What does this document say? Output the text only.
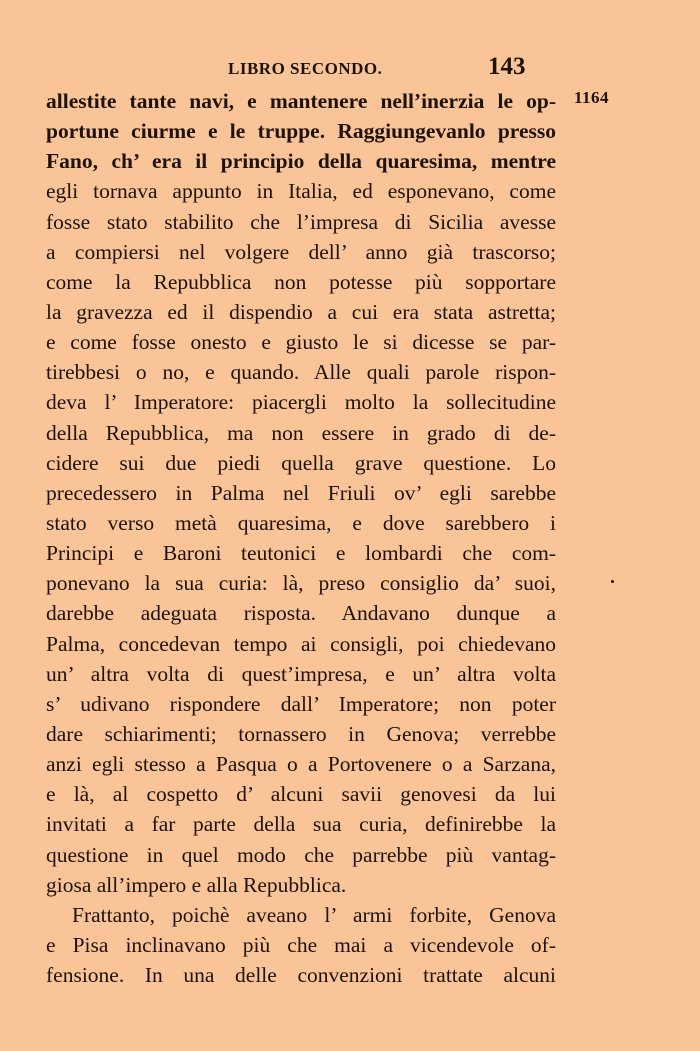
LIBRO SECONDO.	143
1164
allestite tante navi, e mantenere nell’inerzia le op-
portune ciurme e le truppe. Raggiungevanlo presso
Fano, ch’ era il principio della quaresima, mentre
egli tornava appunto in Italia, ed esponevano, come
fosse stato stabilito che l’impresa di Sicilia avesse
a compiersi nel volgere dell’ anno già trascorso;
come la Repubblica non potesse più sopportare
la gravezza ed il dispendio a cui era stata astretta;
e come fosse onesto e giusto le si dicesse se par-
tirebbesi o no, e quando. Alle quali parole rispon-
deva l’ Imperatore: piacergli molto la sollecitudine
della Repubblica, ma non essere in grado di de-
cidere sui due piedi quella grave questione. Lo
precedessero in Palma nel Friuli ov’ egli sarebbe
stato verso metà quaresima, e dove sarebbero i
Principi e Baroni teutonici e lombardi che com-
ponevano la sua curia: là, preso consiglio da’ suoi,
darebbe adeguata risposta. Andavano dunque a
Palma, concedevan tempo ai consigli, poi chiedevano
un’ altra volta di quest’impresa, e un’ altra volta
s’ udivano rispondere dall’ Imperatore; non poter
dare schiarimenti; tornassero in Genova; verrebbe
anzi egli stesso a Pasqua o a Portovenere o a Sarzana,
e là, al cospetto d’ alcuni savii genovesi da lui
invitati a far parte della sua curia, definirebbe la
questione in quel modo che parrebbe più vantag-
giosa all’impero e alla Repubblica.
Frattanto, poichè aveano l’ armi forbite, Genova
e Pisa inclinavano più che mai a vicendevole of-
fensione. In una delle convenzioni trattate alcuni
